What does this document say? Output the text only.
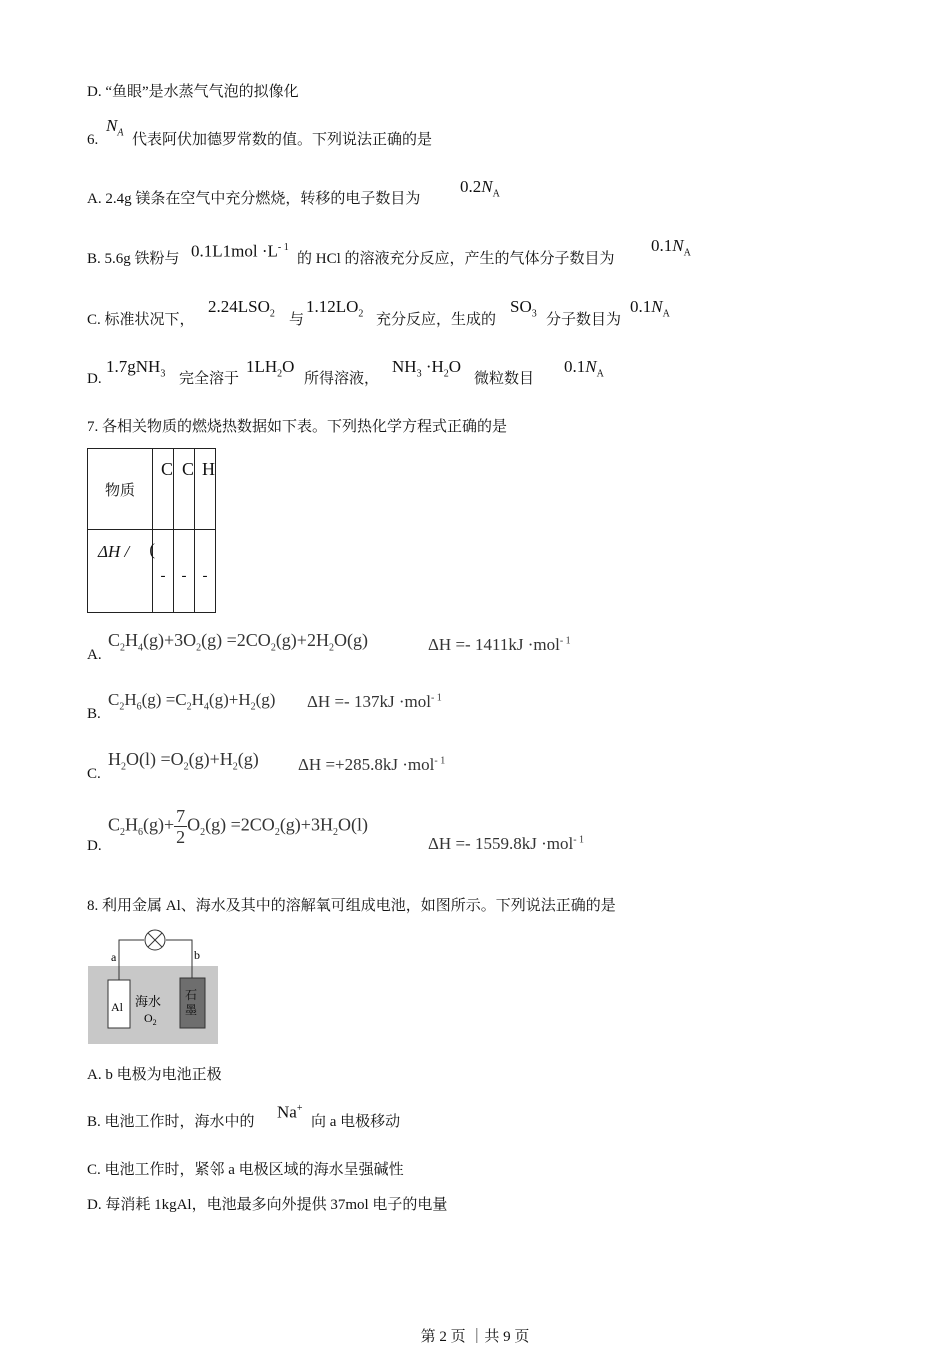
D. “鱼眼”是水蒸气气泡的拟像化
6.
$N_A$ 代表阿伏加德罗常数的值。下列说法正确的是
A. 2.4g 镁条在空气中充分燃烧，转移的电子数目为
$0.2N_A$
B. 5.6g 铁粉与 $0.1L1mol \cdot L^{- 1}$
的 HCl 的溶液充分反应，产生的气体分子数目为
$0.1N_A$
C. 标准状况下，
$2.24LSO_2$ 与
$1.12LO_2$ 充分反应，生成的
$SO_3$ 分子数目为
$0.1N_A$
D.
1.7gNH$_3$ 完全溶于
$1LH_2O$
所得溶液，
$NH_3 \cdot H_2O$
微粒数目
$0.1N_A$
7. 各相关物质的燃烧热数据如下表。下列热化学方程式正确的是
物质	C	C	H
ΔH / (	-	-	-
A.
$C_2H_4(g)+3O_2(g) =2CO_2(g)+2H_2O(g)$	ΔH =- 1411kJ ·mol$^{- 1}$
B.
$C_2H_6(g) =C_2H_4(g)+H_2(g) \Delta H =- 137kJ \cdot mol^{- 1}$
C.
$H_2O(l) =O_2(g)+H_2(g)$ ΔH =+285.8kJ ·mol$^{- 1}$
D.
$C_2H_6(g)+ \frac{7}{2} O_2(g) =2CO_2(g)+3H_2O(l)$
ΔH =- 1559.8kJ ·mol$^{- 1}$
8. 利用金属 Al、海水及其中的溶解氧可组成电池，如图所示。下列说法正确的是
a	b
Al 海水
$O_2$
石
墨
A. b 电极为电池正极
B. 电池工作时，海水中的
Na+
向 a 电极移动
C. 电池工作时，紧邻 a 电极区域的海水呈强碱性
D. 每消耗 1kgAl，电池最多向外提供 37mol 电子的电量
第 2 页 ｜共 9 页
